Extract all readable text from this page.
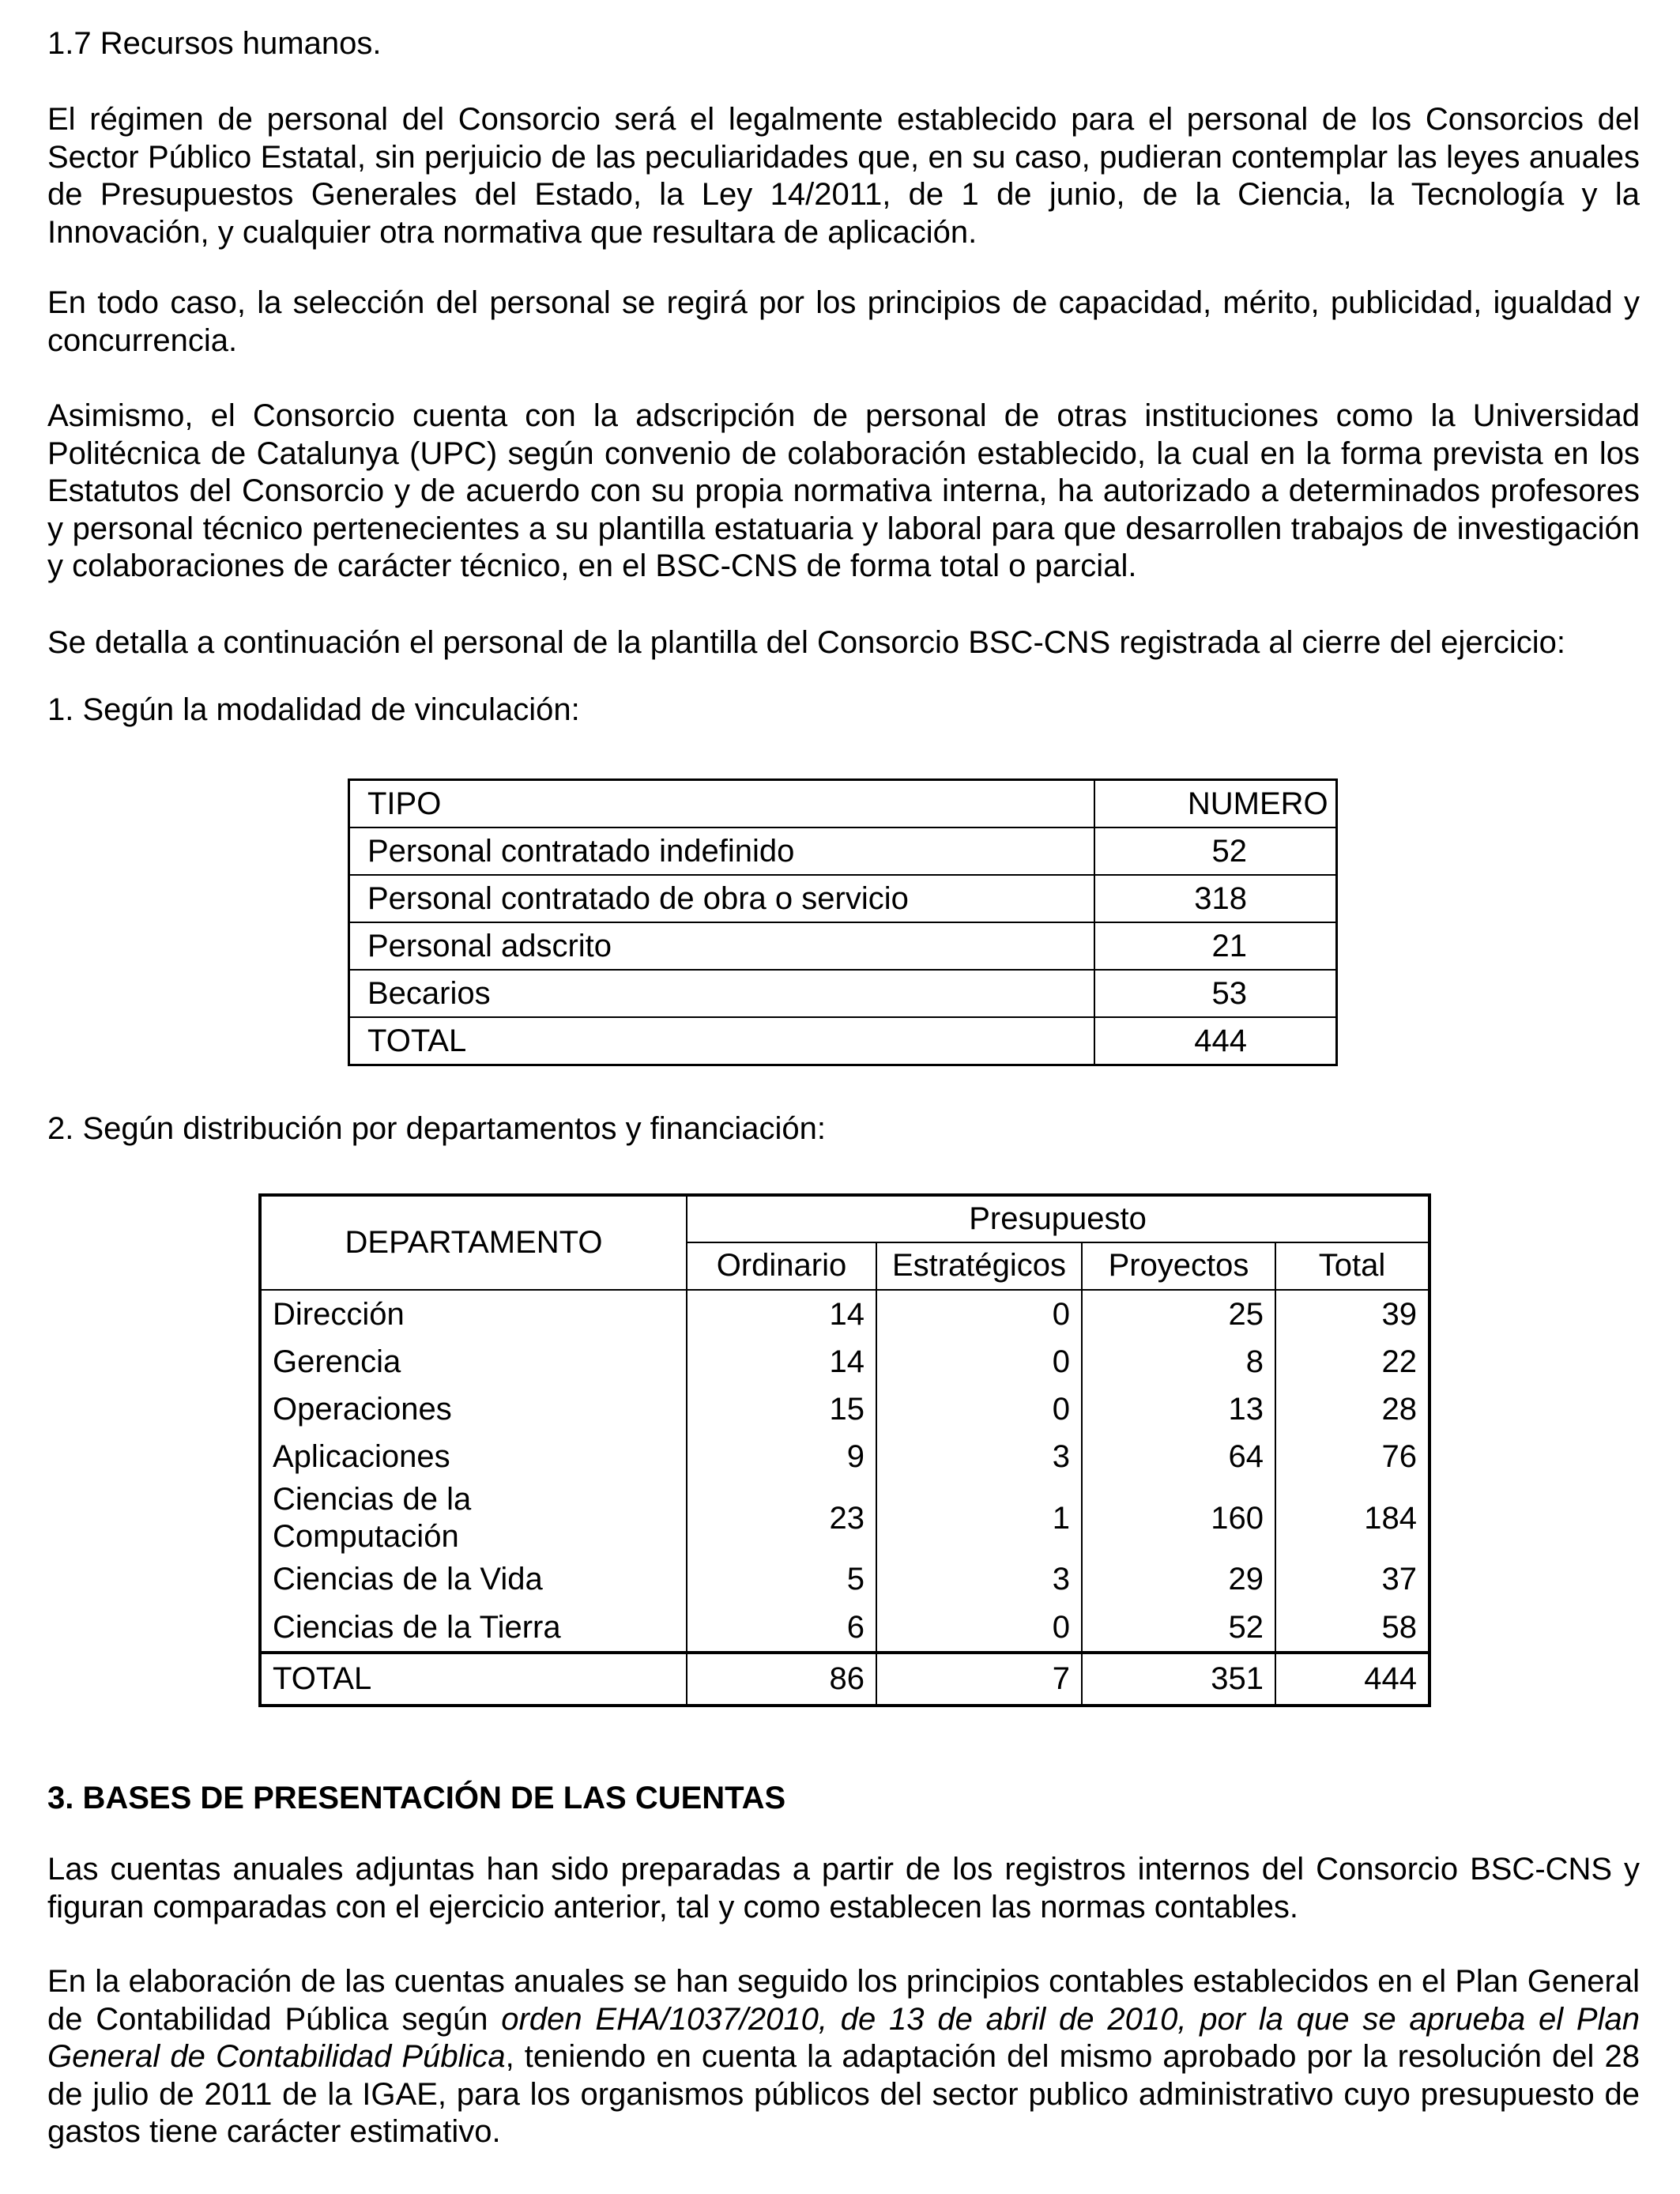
1.7 Recursos humanos.

El régimen de personal del Consorcio será el legalmente establecido para el personal de los Consorcios del Sector Público Estatal, sin perjuicio de las peculiaridades que, en su caso, pudieran contemplar las leyes anuales de Presupuestos Generales del Estado, la Ley 14/2011, de 1 de junio, de la Ciencia, la Tecnología y la Innovación, y cualquier otra normativa que resultara de aplicación.

En todo caso, la selección del personal se regirá por los principios de capacidad, mérito, publicidad, igualdad y concurrencia.

Asimismo, el Consorcio cuenta con la adscripción de personal de otras instituciones como la Universidad Politécnica de Catalunya (UPC) según convenio de colaboración establecido, la cual en la forma prevista en los Estatutos del Consorcio y de acuerdo con su propia normativa interna, ha autorizado a determinados profesores y personal técnico pertenecientes a su plantilla estatuaria y laboral para que desarrollen trabajos de investigación y colaboraciones de carácter técnico, en el BSC-CNS de forma total o parcial.

Se detalla a continuación el personal de la plantilla del Consorcio BSC-CNS registrada al cierre del ejercicio:

1. Según la modalidad de vinculación:

TIPO	NUMERO
Personal contratado indefinido	52
Personal contratado de obra o servicio	318
Personal adscrito	21
Becarios	53
TOTAL	444

2. Según distribución por departamentos y financiación:

DEPARTAMENTO	Presupuesto			
	Ordinario	Estratégicos	Proyectos	Total
Dirección	14	0	25	39
Gerencia	14	0	8	22
Operaciones	15	0	13	28
Aplicaciones	9	3	64	76
Ciencias de la Computación	23	1	160	184
Ciencias de la Vida	5	3	29	37
Ciencias de la Tierra	6	0	52	58
TOTAL	86	7	351	444

3. BASES DE PRESENTACIÓN DE LAS CUENTAS

Las cuentas anuales adjuntas han sido preparadas a partir de los registros internos del Consorcio BSC-CNS y figuran comparadas con el ejercicio anterior, tal y como establecen las normas contables.

En la elaboración de las cuentas anuales se han seguido los principios contables establecidos en el Plan General de Contabilidad Pública según orden EHA/1037/2010, de 13 de abril de 2010, por la que se aprueba el Plan General de Contabilidad Pública, teniendo en cuenta la adaptación del mismo aprobado por la resolución del 28 de julio de 2011 de la IGAE, para los organismos públicos del sector publico administrativo cuyo presupuesto de gastos tiene carácter estimativo.
